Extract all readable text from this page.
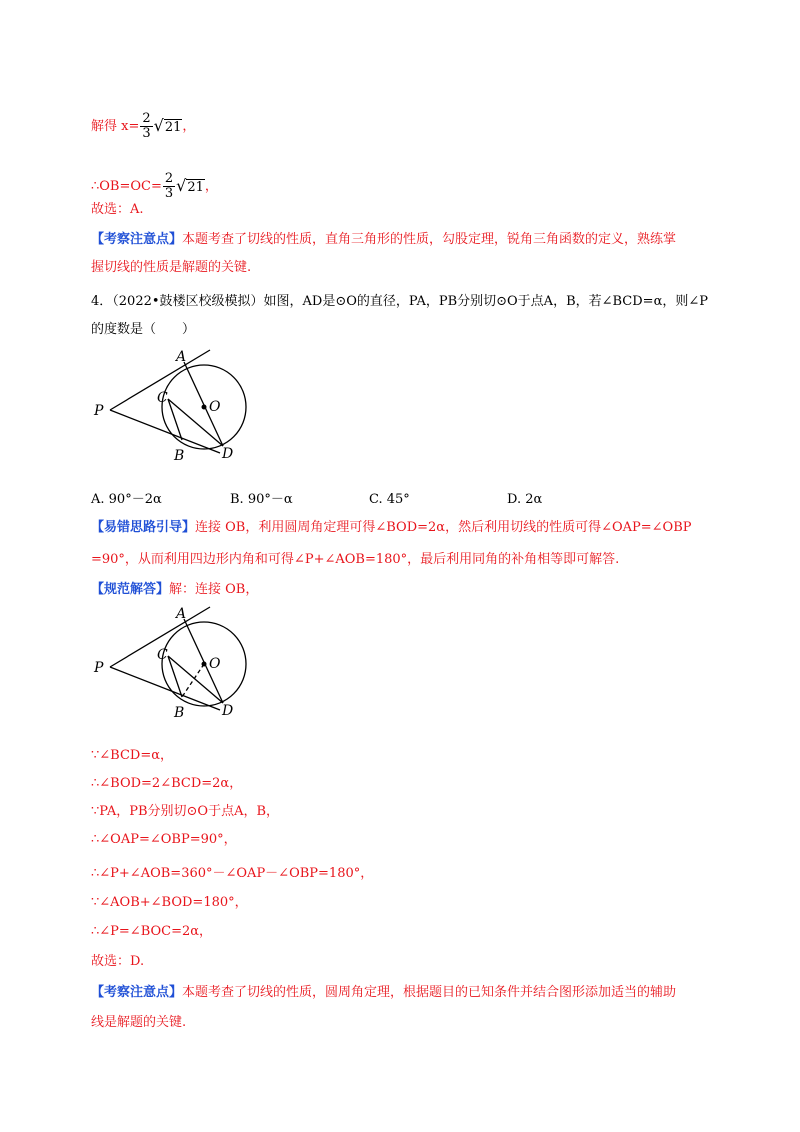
解得 $x= \frac{2}{3} √21$，
∴OB=OC= $\frac{2}{3} √21$，
故选：A.
【考察注意点】本题考查了切线的性质，直角三角形的性质，勾股定理，锐角三角函数的定义，熟练掌
握切线的性质是解题的关键.
4．（2022•鼓楼区校级模拟）如图，AD是⊙O的直径，PA，PB分别切⊙O于点A，B，若∠BCD=α，则∠P
的度数是（　　）
A
B
C
D
O
P
A. 90°－2α	B. 90°－α	C. 45°	D. 2α
【易错思路引导】连接 OB，利用圆周角定理可得∠BOD=2α，然后利用切线的性质可得∠OAP=∠OBP
=90°，从而利用四边形内角和可得∠P+∠AOB=180°，最后利用同角的补角相等即可解答.
【规范解答】解：连接 OB，
A
B
C
D
O
P
∵∠BCD=α，
∴∠BOD=2∠BCD=2α，
∵PA，PB分别切⊙O于点A，B，
∴∠OAP=∠OBP=90°，
∴∠P+∠AOB=360°－∠OAP－∠OBP=180°，
∵∠AOB+∠BOD=180°，
∴∠P=∠BOC=2α，
故选：D.
【考察注意点】本题考查了切线的性质，圆周角定理，根据题目的已知条件并结合图形添加适当的辅助
线是解题的关键.
